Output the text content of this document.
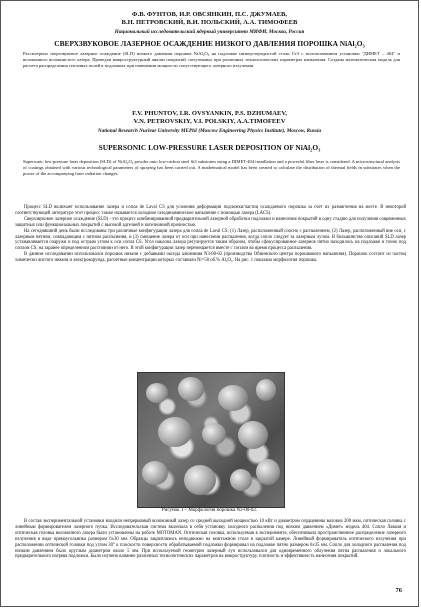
Ф.В. ФУНТОВ, И.Р. ОВСЯНКИН, П.С. ДЖУМАЕВ,
В.Н. ПЕТРОВСКИЙ, В.И. ПОЛЬСКИЙ, А.А. ТИМОФЕЕВ
Национальный исследовательский ядерный университет МИФИ, Москва, Россия
СВЕРХЗВУКОВОЕ ЛАЗЕРНОЕ ОСАЖДЕНИЕ НИЗКОГО ДАВЛЕНИЯ ПОРОШКА NiAl₂O₃
Рассмотрено сверхзвуковое лазерное осаждение (SLD) низкого давления порошка NiAl₂O₃ на подложке низкоуглеродистой стали Ст3 с использованием установки "ДИМЕТ – 404" и волоконного волокнистого лазера. Проведен микроструктурный анализ покрытий, полученных при различных технологических параметрах напыления. Создана математическая модель для расчета распределения тепловых полей в подложках при изменении мощности сопутствующего лазерного излучения.
F.V. PHUNTOV, I.R. OVSYANKIN, P.S. DZHUMAEV,
V.N. PETROVSKIY, V.I. POLSKIY, A.A.TIMOFEEV
National Research Nuclear University MEPhI (Moscow Engineering Physics Institute), Moscow, Russia
SUPERSONIC LOW-PRESSURE LASER DEPOSITION OF NiAl₂O₃
Supersonic low-pressure laser deposition (SLD) of NiAl₂O₃ powder onto low-carbon steel St3 substrates using a DIMET-404 installation and a powerful fiber laser is considered. A microstructural analysis of coatings obtained with various technological parameters of spraying has been carried out. A mathematical model has been created to calculate the distribution of thermal fields in substrates when the power of the accompanying laser radiation changes.

Процесс SLD включает использование лазера и сопла de Laval CS для усиления деформации подложки/частиц осаждаемого порошка за счет их размягчения на месте. В некоторой соответствующей литературе этот процесс также называется холодное газодинамическое напыление с помощью лазера (LACS).

Сверхзвуковое лазерное осаждение (SLD) - это процесс комбинированной предварительной лазерной обработки подложки и нанесения покрытий в одну стадию для получения современных защитных или функциональных покрытий с высокой адгезией и когезионной прочностью.

На сегодняшний день были исследованы три различные конфигурации лазера для сопла de Laval CS: (1) Лазер, расположенный соосно с распылением, (2) Лазер, расположенный вне оси, с лазерным пятном, совпадающим с пятном распыления, и (3) смещение лазера от оси при нанесении распыления, когда сопло следует за лазерным лучом. В большинстве описаний SLD лазер устанавливается снаружи и под острым углом к оси сопла CS. Угол наклона лазера регулируется таким образом, чтобы сфокусированное лазерное пятно находилось на подложке и точно под соплом CS, на заранее определенном расстоянии от него. В этой конфигурации лазер перемещается вместе с соплом во время процесса распыления.

В данном исследовании использовался порошок никеля с добавками оксида алюминия N3-00-02 (производства Обнинского центра порошкового напыления). Порошок состоит из частиц химически чистого никеля и электрокорунда, расчетные концентрации которых составили Ni=50 об.% Al₂O₃. На рис. 1 показана морфология порошка.

Рисунок 1 – Морфология порошка N3-00-02.

В состав экспериментальной установки входили непрерывный волоконный лазер со средней выходной мощностью 10 кВт и диаметром сердцевины волокна 200 мкм, оптическая головка с линейным формирователем лазерного пучка. Исследовательская система включала в себя установку холодного распыления под низким давлением «Димет» модель 404. Сопло Лаваля и оптическая головка волоконного лазера были установлены на роботе MOTOMAN. Оптическая головка, используемая в эксперименте, обеспечивала пространственное распределение лазерного излучения в виде прямоугольника размером 6х30 мм. Образцы закреплялись неподвижно на монтажном столе в закрытой камере. Линейный формирователь оптического излучения при расположении оптической головки под углом 30° к плоскости поверхности обрабатываемой подложки формировал на подложке пятно размером 6х35 мм. Сопло для холодного распыления под низким давлением было круглым диаметром около 5 мм. При используемой геометрии лазерный луч использовался для одновременного облучения пятна распыления и локального предварительного нагрева подложки. Было изучено влияние различных технологических параметров на микроструктуру, плотность и эффективность нанесения покрытий.

76
